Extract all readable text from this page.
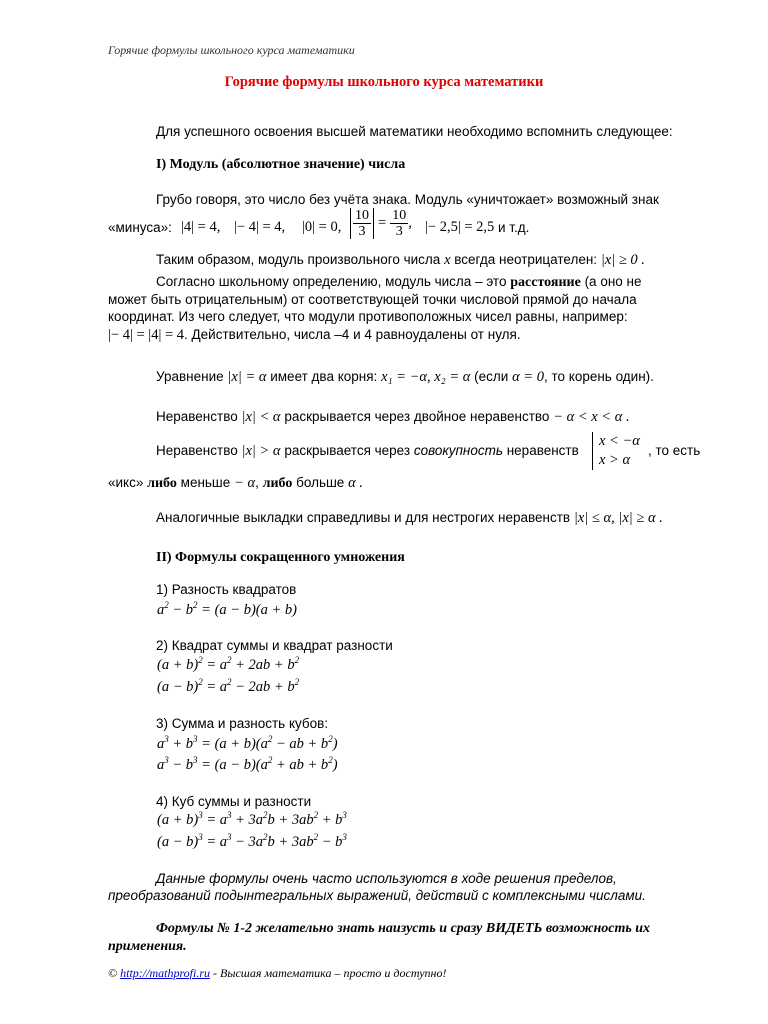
Горячие формулы школьного курса математики
Горячие формулы школьного курса математики
Для успешного освоения высшей математики необходимо вспомнить следующее:
I) Модуль (абсолютное значение) числа
Грубо говоря, это число без учёта знака. Модуль «уничтожает» возможный знак
«минуса»: |4| = 4, |− 4| = 4, |0| = 0, $\frac{10}{3} = \frac{10}{3}$ , |− 2,5| = 2,5 и т.д.
Таким образом, модуль произвольного числа x всегда неотрицателен: |x| ≥ 0 .
Согласно школьному определению, модуль числа – это расстояние (а оно не
может быть отрицательным) от соответствующей точки числовой прямой до начала
координат. Из чего следует, что модули противоположных чисел равны, например:
|− 4| = |4| = 4. Действительно, числа –4 и 4 равноудалены от нуля.
Уравнение |x| = α имеет два корня: x₁ = −α, x₂ = α (если α = 0, то корень один).
Неравенство |x| < α раскрывается через двойное неравенство − α < x < α .
Неравенство |x| > α раскрывается через совокупность неравенств
x < −α
x > α
, то есть
«икс» либо меньше − α, либо больше α .
Аналогичные выкладки справедливы и для нестрогих неравенств |x| ≤ α, |x| ≥ α .
II) Формулы сокращенного умножения
1) Разность квадратов
$a^2 - b^2 = (a - b)(a + b)$
2) Квадрат суммы и квадрат разности
$(a + b)^2 = a^2 + 2ab + b^2$
$(a - b)^2 = a^2 - 2ab + b^2$
3) Сумма и разность кубов:
$a^3 + b^3 = (a + b)(a^2$ − ab + $b^2$)
$a^3 - b^3 = (a - b)(a^2$ + ab + $b^2$)
4) Куб суммы и разности
$(a + b)^3 = a^3 + 3a^2b + 3ab^2 + b^3$
$(a - b)^3 = a^3 - 3a^2b + 3ab^2 - b^3$
Данные формулы очень часто используются в ходе решения пределов,
преобразований подынтегральных выражений, действий с комплексными числами.
Формулы № 1-2 желательно знать наизусть и сразу ВИДЕТЬ возможность их
применения.
© http://mathprofi.ru - Высшая математика – просто и доступно!
